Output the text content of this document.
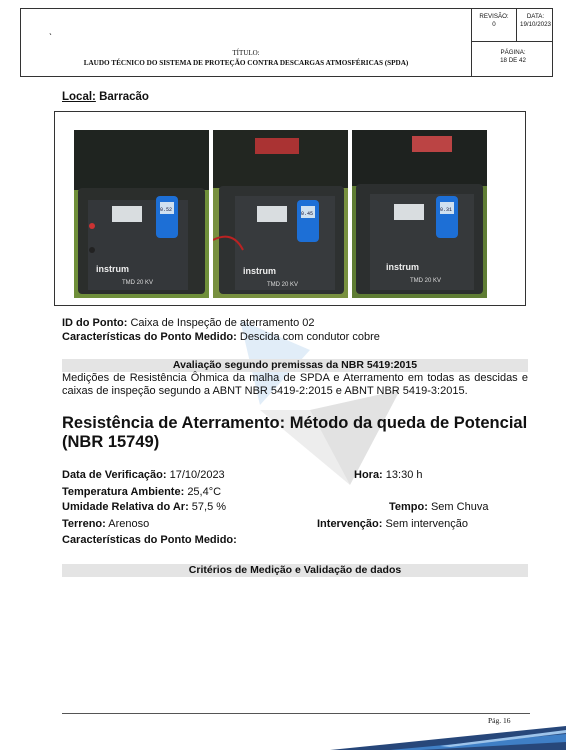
ˎ
TÍTULO:
LAUDO TÉCNICO DO SISTEMA DE PROTEÇÃO CONTRA DESCARGAS ATMOSFÉRICAS (SPDA)
REVISÃO:
0
DATA:
19/10/2023
PÁGINA:
18 DE 42
Local: Barracão
instrum
TMD 20 KV
0.52
instrum
TMD 20 KV
0.45
instrum
TMD 20 KV
0.31
ID do Ponto: Caixa de Inspeção de aterramento 02
Características do Ponto Medido: Descida com condutor cobre
Avaliação segundo premissas da NBR 5419:2015
Medições de Resistência Ôhmica da malha de SPDA e Aterramento em todas as descidas e caixas de inspeção segundo a ABNT NBR 5419-2:2015 e ABNT NBR 5419-3:2015.
Resistência de Aterramento: Método da queda de Potencial (NBR 15749)
Data de Verificação: 17/10/2023	Hora: 13:30 h
Temperatura Ambiente: 25,4°C
Umidade Relativa do Ar: 57,5 %	Tempo: Sem Chuva
Terreno: Arenoso	Intervenção: Sem intervenção
Características do Ponto Medido:
Critérios de Medição e Validação de dados
Pág. 16
